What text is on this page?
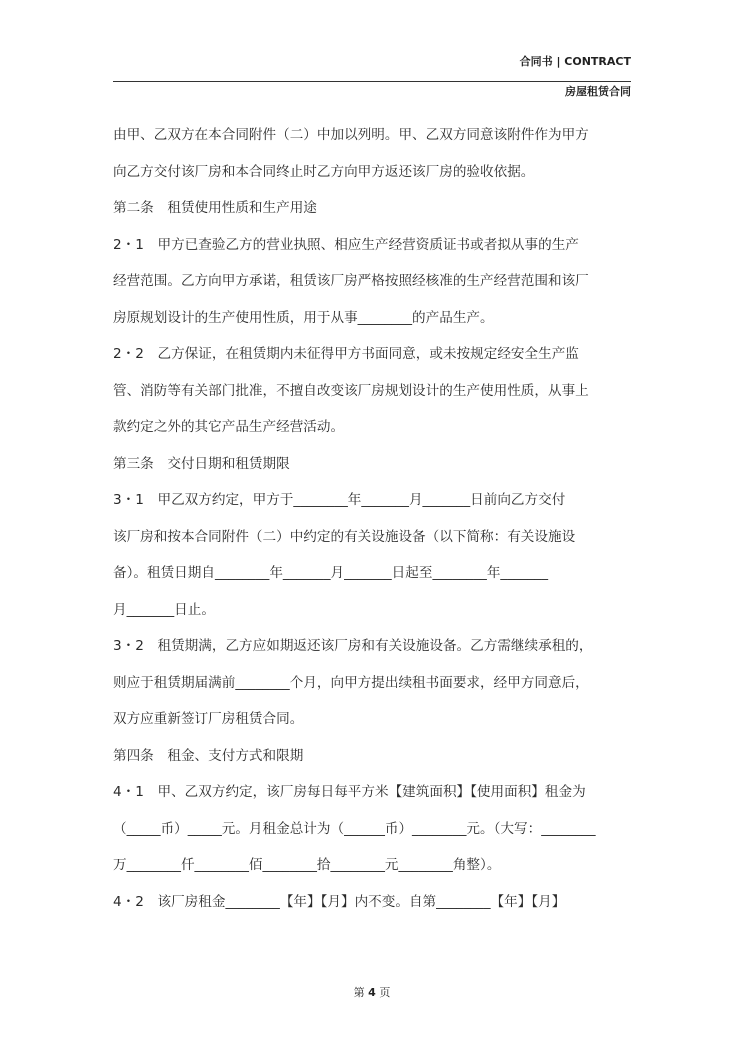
合同书 | CONTRACT
房屋租赁合同

由甲、乙双方在本合同附件（二）中加以列明。甲、乙双方同意该附件作为甲方

向乙方交付该厂房和本合同终止时乙方向甲方返还该厂房的验收依据。

第二条　租赁使用性质和生产用途

2・1　甲方已查验乙方的营业执照、相应生产经营资质证书或者拟从事的生产

经营范围。乙方向甲方承诺，租赁该厂房严格按照经核准的生产经营范围和该厂

房原规划设计的生产使用性质，用于从事________的产品生产。

2・2　乙方保证，在租赁期内未征得甲方书面同意，或未按规定经安全生产监

管、消防等有关部门批准，不擅自改变该厂房规划设计的生产使用性质，从事上

款约定之外的其它产品生产经营活动。

第三条　交付日期和租赁期限

3・1　甲乙双方约定，甲方于________年_______月_______日前向乙方交付

该厂房和按本合同附件（二）中约定的有关设施设备（以下简称：有关设施设

备）。租赁日期自________年_______月_______日起至________年_______

月_______日止。

3・2　租赁期满，乙方应如期返还该厂房和有关设施设备。乙方需继续承租的，

则应于租赁期届满前________个月，向甲方提出续租书面要求，经甲方同意后，

双方应重新签订厂房租赁合同。

第四条　租金、支付方式和限期

4・1　甲、乙双方约定，该厂房每日每平方米【建筑面积】【使用面积】租金为

（_____币）_____元。月租金总计为（______币）________元。（大写：________

万________仟________佰________拾________元________角整）。

4・2　该厂房租金________【年】【月】内不变。自第________【年】【月】

第 4 页
